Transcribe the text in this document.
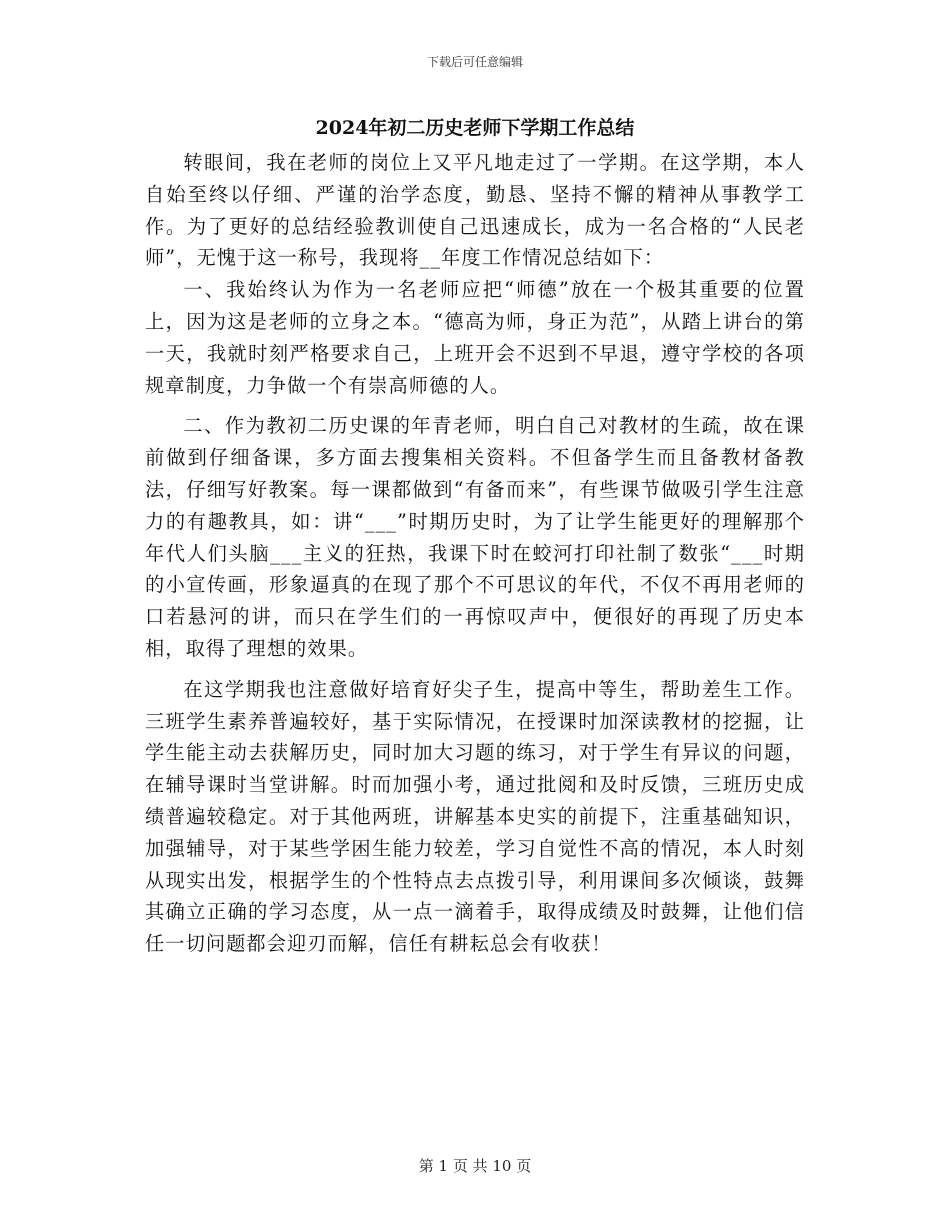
下载后可任意编辑
2024年初二历史老师下学期工作总结

转眼间，我在老师的岗位上又平凡地走过了一学期。在这学期，本人自始至终以仔细、严谨的治学态度，勤恳、坚持不懈的精神从事教学工作。为了更好的总结经验教训使自己迅速成长，成为一名合格的“人民老师”，无愧于这一称号，我现将__年度工作情况总结如下：

一、我始终认为作为一名老师应把“师德”放在一个极其重要的位置上，因为这是老师的立身之本。“德高为师，身正为范”，从踏上讲台的第一天，我就时刻严格要求自己，上班开会不迟到不早退，遵守学校的各项规章制度，力争做一个有崇高师德的人。

二、作为教初二历史课的年青老师，明白自己对教材的生疏，故在课前做到仔细备课，多方面去搜集相关资料。不但备学生而且备教材备教法，仔细写好教案。每一课都做到“有备而来”，有些课节做吸引学生注意力的有趣教具，如：讲“___”时期历史时，为了让学生能更好的理解那个年代人们头脑___主义的狂热，我课下时在蛟河打印社制了数张“___时期的小宣传画，形象逼真的在现了那个不可思议的年代，不仅不再用老师的口若悬河的讲，而只在学生们的一再惊叹声中，便很好的再现了历史本相，取得了理想的效果。

在这学期我也注意做好培育好尖子生，提高中等生，帮助差生工作。三班学生素养普遍较好，基于实际情况，在授课时加深读教材的挖掘，让学生能主动去获解历史，同时加大习题的练习，对于学生有异议的问题，在辅导课时当堂讲解。时而加强小考，通过批阅和及时反馈，三班历史成绩普遍较稳定。对于其他两班，讲解基本史实的前提下，注重基础知识，加强辅导，对于某些学困生能力较差，学习自觉性不高的情况，本人时刻从现实出发，根据学生的个性特点去点拨引导，利用课间多次倾谈，鼓舞其确立正确的学习态度，从一点一滴着手，取得成绩及时鼓舞，让他们信任一切问题都会迎刃而解，信任有耕耘总会有收获！

第 1 页 共 10 页
